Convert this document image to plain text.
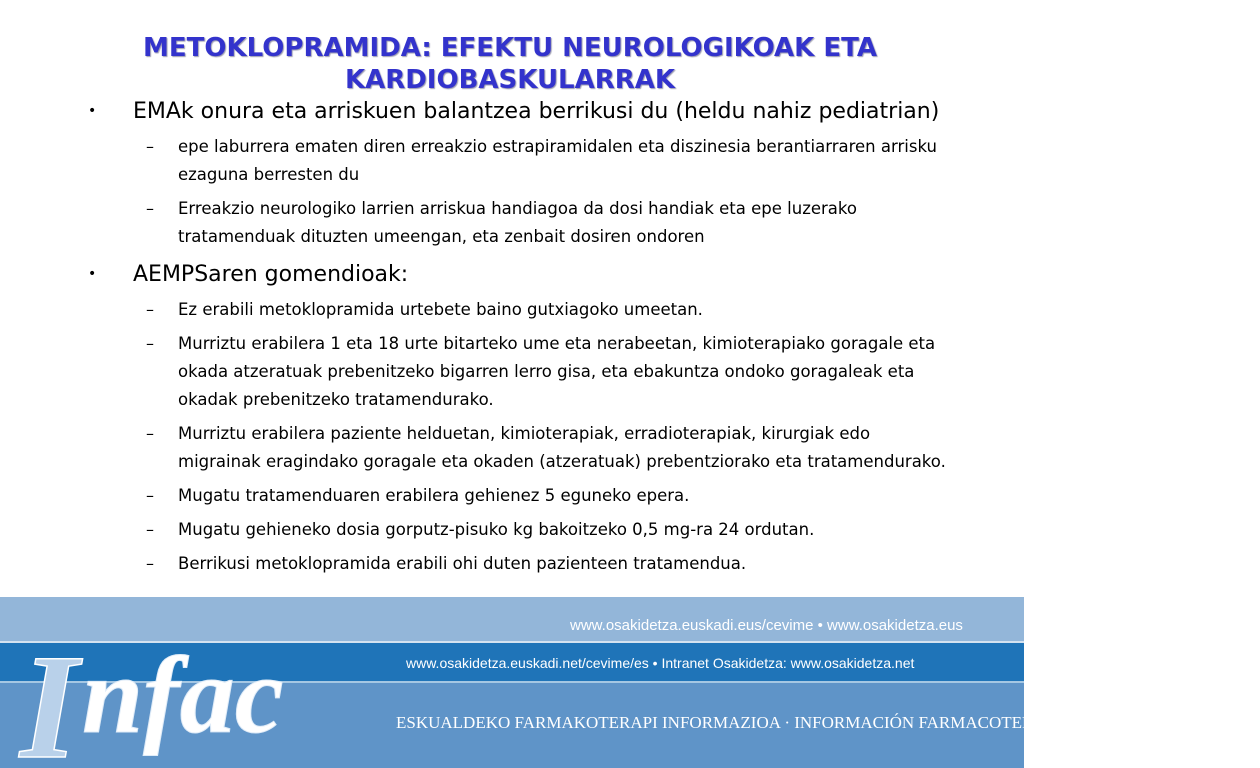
METOKLOPRAMIDA: EFEKTU NEUROLOGIKOAK ETA
KARDIOBASKULARRAK
• EMAk onura eta arriskuen balantzea berrikusi du (heldu nahiz pediatrian)
– epe laburrera ematen diren erreakzio estrapiramidalen eta diszinesia berantiarraren arrisku ezaguna berresten du
– Erreakzio neurologiko larrien arriskua handiagoa da dosi handiak eta epe luzerako tratamenduak dituzten umeengan, eta zenbait dosiren ondoren
• AEMPSaren gomendioak:
– Ez erabili metoklopramida urtebete baino gutxiagoko umeetan.
– Murriztu erabilera 1 eta 18 urte bitarteko ume eta nerabeetan, kimioterapiako goragale eta okada atzeratuak prebenitzeko bigarren lerro gisa, eta ebakuntza ondoko goragaleak eta okadak prebenitzeko tratamendurako.
– Murriztu erabilera paziente helduetan, kimioterapiak, erradioterapiak, kirurgiak edo migrainak eragindako goragale eta okaden (atzeratuak) prebentziorako eta tratamendurako.
– Mugatu tratamenduaren erabilera gehienez 5 eguneko epera.
– Mugatu gehieneko dosia gorputz-pisuko kg bakoitzeko 0,5 mg-ra 24 ordutan.
– Berrikusi metoklopramida erabili ohi duten pazienteen tratamendua.
I nfac
www.osakidetza.euskadi.eus/cevime • www.osakidetza.eus
www.osakidetza.euskadi.net/cevime/es • Intranet Osakidetza: www.osakidetza.net
ESKUALDEKO FARMAKOTERAPI INFORMAZIOA · INFORMACIÓN FARMACOTERAPÉUTICA DE LA COMARCA
